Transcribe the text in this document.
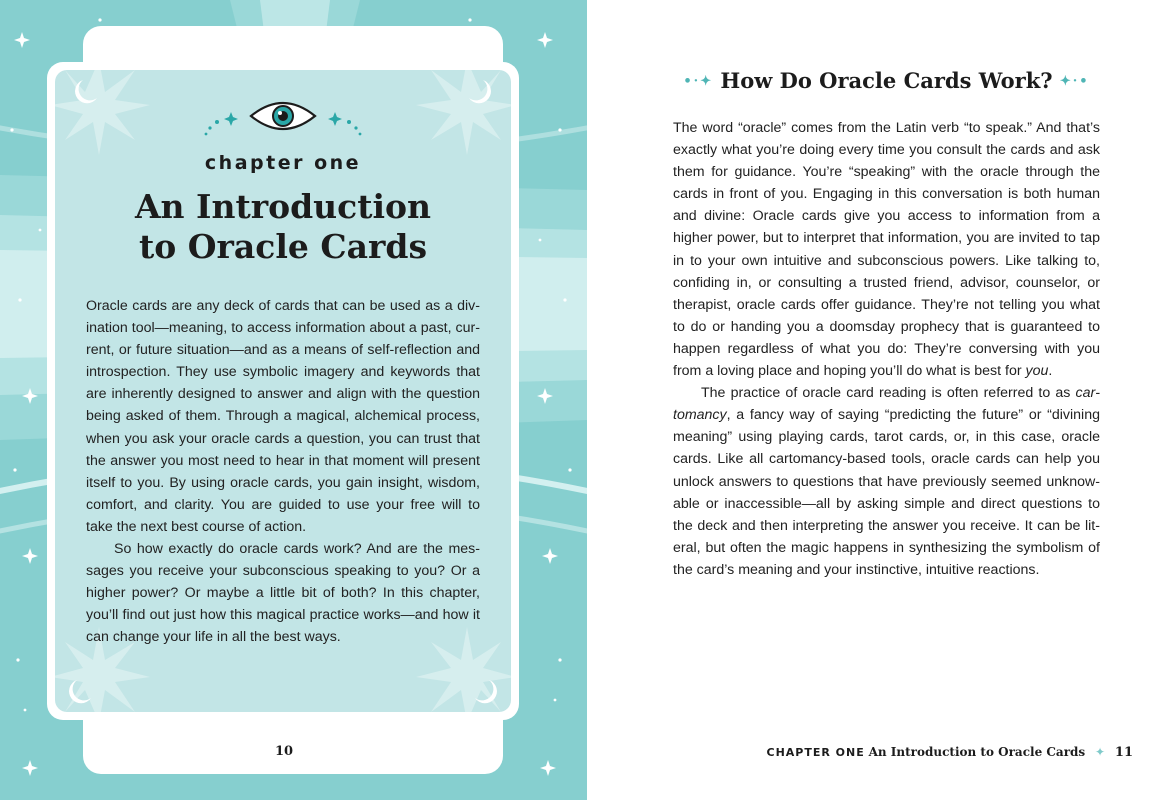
chapter one
An Introduction
to Oracle Cards

Oracle cards are any deck of cards that can be used as a divination tool—meaning, to access information about a past, current, or future situation—and as a means of self-reflection and introspection. They use symbolic imagery and keywords that are inherently designed to answer and align with the question being asked of them. Through a magical, alchemical process, when you ask your oracle cards a question, you can trust that the answer you most need to hear in that moment will present itself to you. By using oracle cards, you gain insight, wisdom, comfort, and clarity. You are guided to use your free will to take the next best course of action.

So how exactly do oracle cards work? And are the messages you receive your subconscious speaking to you? Or a higher power? Or maybe a little bit of both? In this chapter, you’ll find out just how this magical practice works—and how it can change your life in all the best ways.

10
•·✦ How Do Oracle Cards Work? ✦·•

The word “oracle” comes from the Latin verb “to speak.” And that’s exactly what you’re doing every time you consult the cards and ask them for guidance. You’re “speaking” with the oracle through the cards in front of you. Engaging in this conversation is both human and divine: Oracle cards give you access to information from a higher power, but to interpret that information, you are invited to tap in to your own intuitive and subconscious powers. Like talking to, confiding in, or consulting a trusted friend, advisor, counselor, or therapist, oracle cards offer guidance. They’re not telling you what to do or handing you a doomsday prophecy that is guaranteed to happen regardless of what you do: They’re conversing with you from a loving place and hoping you’ll do what is best for you.

The practice of oracle card reading is often referred to as cartomancy, a fancy way of saying “predicting the future” or “divining meaning” using playing cards, tarot cards, or, in this case, oracle cards. Like all cartomancy-based tools, oracle cards can help you unlock answers to questions that have previously seemed unknowable or inaccessible—all by asking simple and direct questions to the deck and then interpreting the answer you receive. It can be literal, but often the magic happens in synthesizing the symbolism of the card’s meaning and your instinctive, intuitive reactions.

CHAPTER ONE An Introduction to Oracle Cards ✦ 11
